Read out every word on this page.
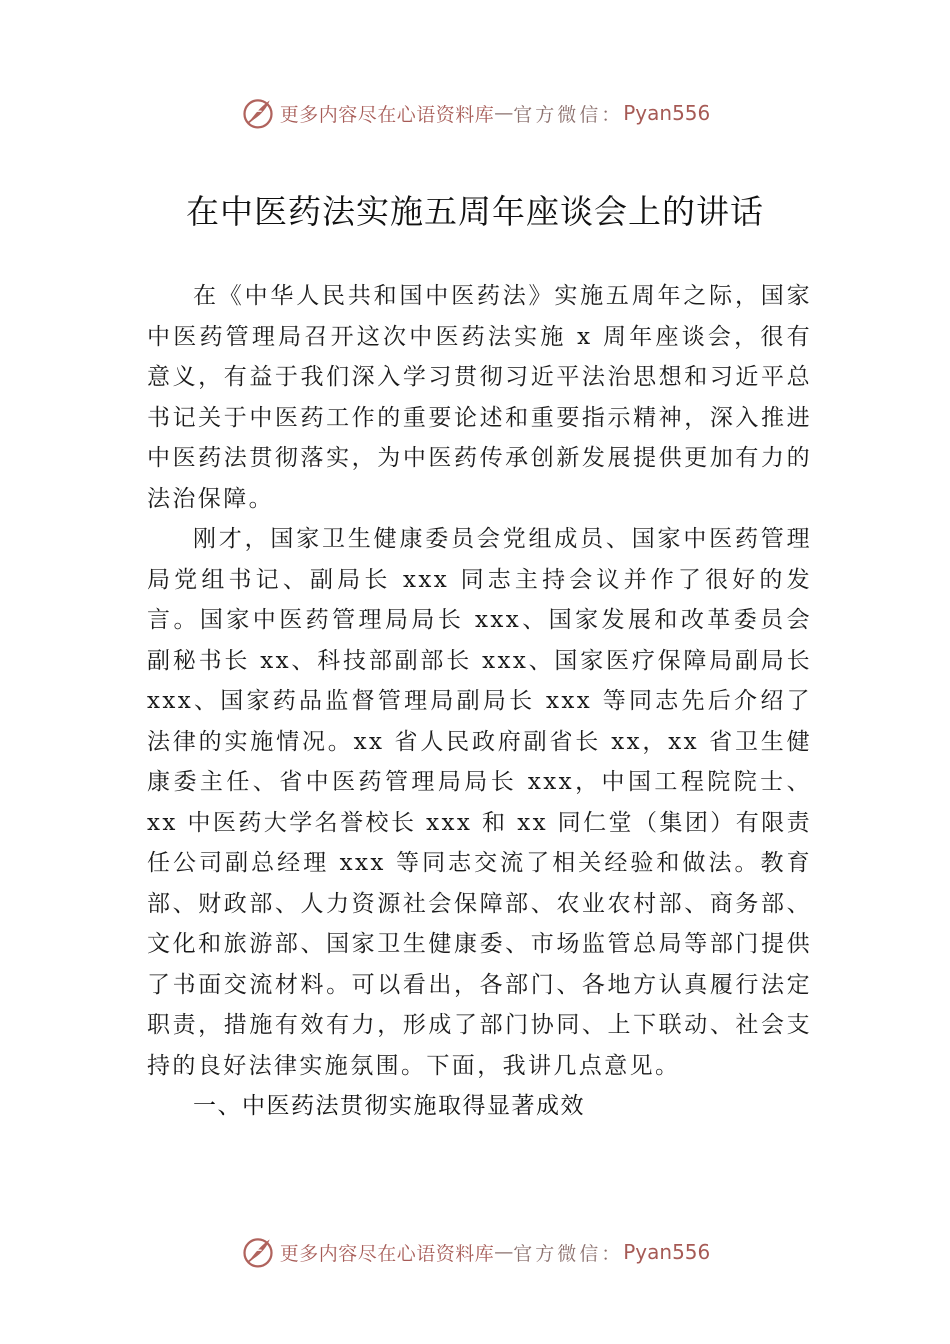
更多内容尽在心语资料库 — 官方微信： Pyan556
在中医药法实施五周年座谈会上的讲话

在《中华人民共和国中医药法》实施五周年之际，国家中医药管理局召开这次中医药法实施 x 周年座谈会，很有意义，有益于我们深入学习贯彻习近平法治思想和习近平总书记关于中医药工作的重要论述和重要指示精神，深入推进中医药法贯彻落实，为中医药传承创新发展提供更加有力的法治保障。

刚才，国家卫生健康委员会党组成员、国家中医药管理局党组书记、副局长 xxx 同志主持会议并作了很好的发言。国家中医药管理局局长 xxx、国家发展和改革委员会副秘书长 xx、科技部副部长 xxx、国家医疗保障局副局长 xxx、国家药品监督管理局副局长 xxx 等同志先后介绍了法律的实施情况。xx 省人民政府副省长 xx，xx 省卫生健康委主任、省中医药管理局局长 xxx，中国工程院院士、xx 中医药大学名誉校长 xxx 和 xx 同仁堂（集团）有限责任公司副总经理 xxx 等同志交流了相关经验和做法。教育部、财政部、人力资源社会保障部、农业农村部、商务部、文化和旅游部、国家卫生健康委、市场监管总局等部门提供了书面交流材料。可以看出，各部门、各地方认真履行法定职责，措施有效有力，形成了部门协同、上下联动、社会支持的良好法律实施氛围。下面，我讲几点意见。

一、中医药法贯彻实施取得显著成效

更多内容尽在心语资料库 — 官方微信： Pyan556
